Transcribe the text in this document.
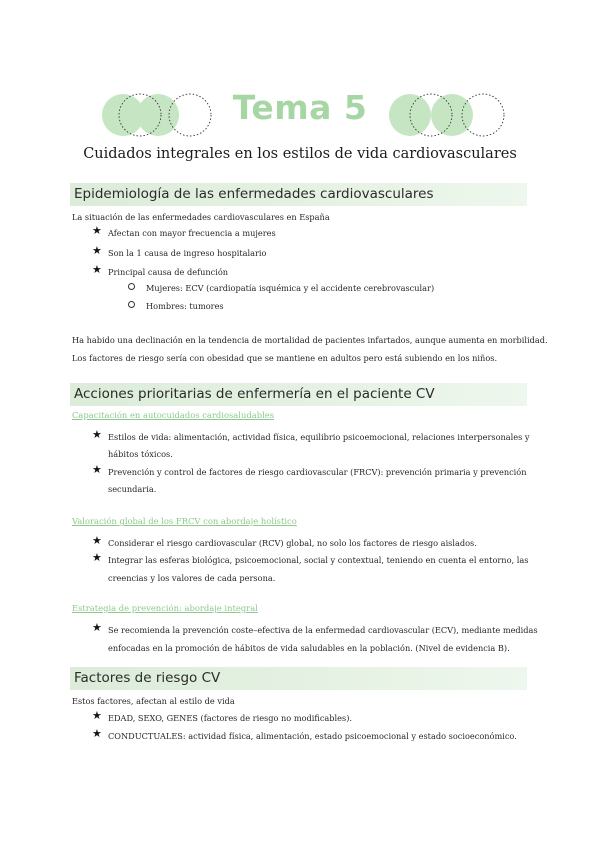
Tema 5
Cuidados integrales en los estilos de vida cardiovasculares
Epidemiología de las enfermedades cardiovasculares
La situación de las enfermedades cardiovasculares en España
★ Afectan con mayor frecuencia a mujeres
★ Son la 1 causa de ingreso hospitalario
★ Principal causa de defunción
Mujeres: ECV (cardiopatía isquémica y el accidente cerebrovascular)
Hombres: tumores
Ha habido una declinación en la tendencia de mortalidad de pacientes infartados, aunque aumenta en morbilidad.
Los factores de riesgo sería con obesidad que se mantiene en adultos pero está subiendo en los niños.
Acciones prioritarias de enfermería en el paciente CV
Capacitación en autocuidados cardiosaludables
★ Estilos de vida: alimentación, actividad física, equilibrio psicoemocional, relaciones interpersonales y
hábitos tóxicos.
★ Prevención y control de factores de riesgo cardiovascular (FRCV): prevención primaria y prevención
secundaria.
Valoración global de los FRCV con abordaje holístico
★ Considerar el riesgo cardiovascular (RCV) global, no solo los factores de riesgo aislados.
★ Integrar las esferas biológica, psicoemocional, social y contextual, teniendo en cuenta el entorno, las
creencias y los valores de cada persona.
Estrategia de prevención: abordaje integral
★ Se recomienda la prevención coste–efectiva de la enfermedad cardiovascular (ECV), mediante medidas
enfocadas en la promoción de hábitos de vida saludables en la población. (Nivel de evidencia B).
Factores de riesgo CV
Estos factores, afectan al estilo de vida
★ EDAD, SEXO, GENES (factores de riesgo no modificables).
★ CONDUCTUALES: actividad física, alimentación, estado psicoemocional y estado socioeconómico.
